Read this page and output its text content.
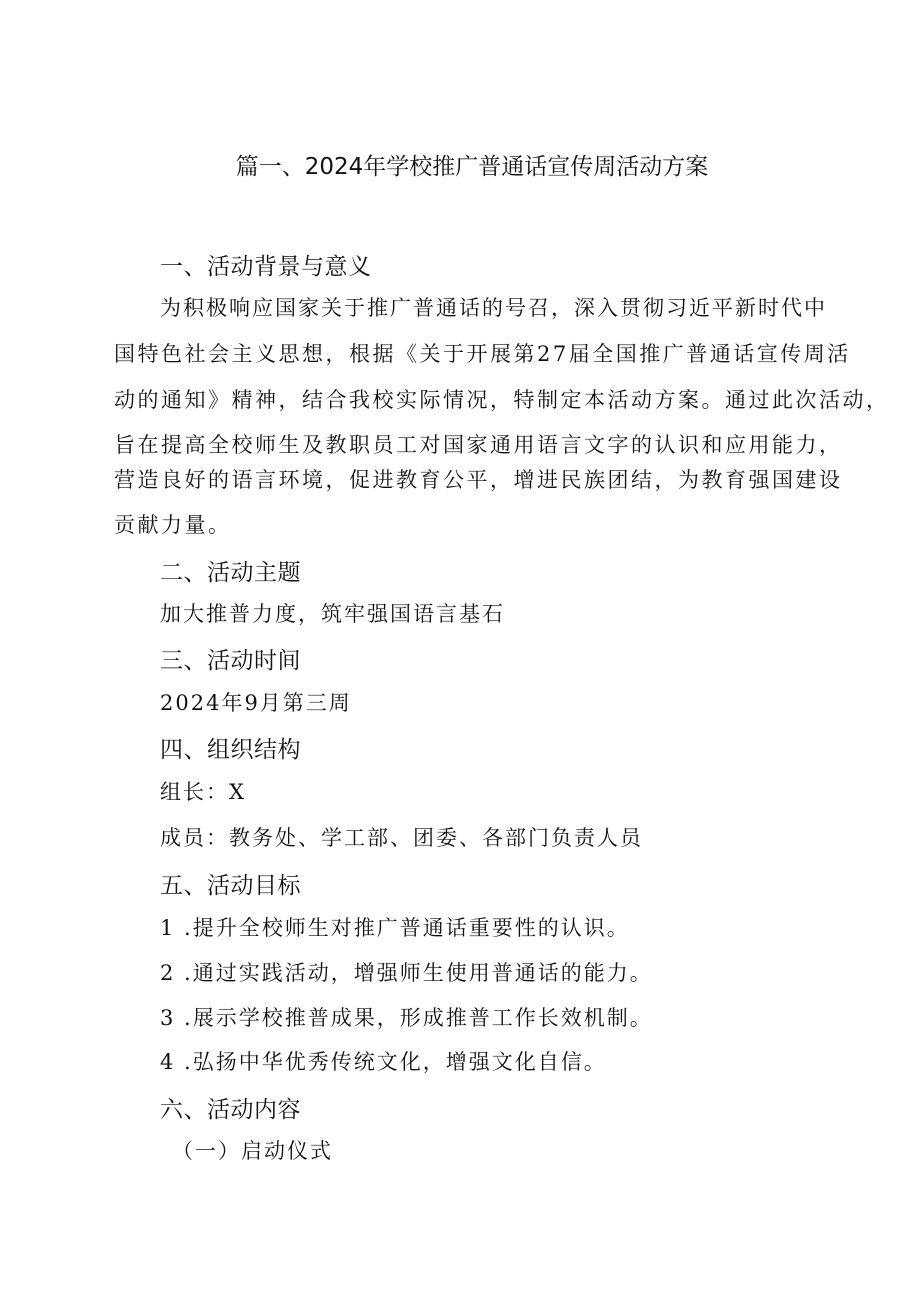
篇一、2024年学校推广普通话宣传周活动方案
一、活动背景与意义
为积极响应国家关于推广普通话的号召，深入贯彻习近平新时代中
国特色社会主义思想，根据《关于开展第27届全国推广普通话宣传周活
动的通知》精神，结合我校实际情况，特制定本活动方案。通过此次活动，
旨在提高全校师生及教职员工对国家通用语言文字的认识和应用能力，
营造良好的语言环境，促进教育公平，增进民族团结，为教育强国建设
贡献力量。
二、活动主题
加大推普力度，筑牢强国语言基石
三、活动时间
2024年9月第三周
四、组织结构
组长：X
成员：教务处、学工部、团委、各部门负责人员
五、活动目标
1 .提升全校师生对推广普通话重要性的认识。
2 .通过实践活动，增强师生使用普通话的能力。
3 .展示学校推普成果，形成推普工作长效机制。
4 .弘扬中华优秀传统文化，增强文化自信。
六、活动内容
（一）启动仪式
